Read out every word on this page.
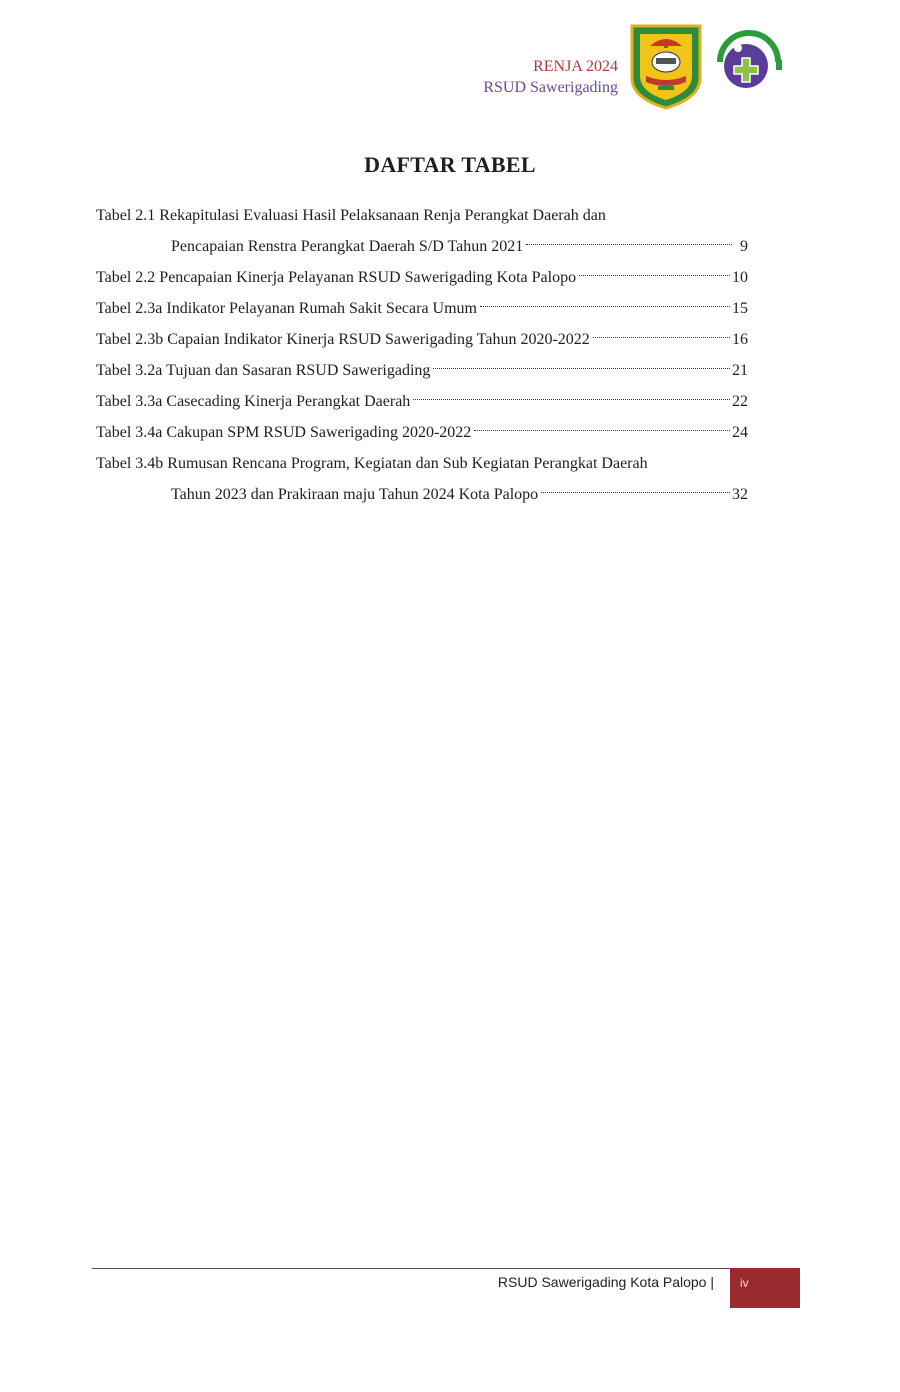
RENJA 2024
RSUD Sawerigading
DAFTAR TABEL
Tabel 2.1 Rekapitulasi Evaluasi Hasil Pelaksanaan Renja Perangkat Daerah dan
Pencapaian Renstra Perangkat Daerah S/D Tahun 2021	9
Tabel 2.2 Pencapaian Kinerja Pelayanan RSUD Sawerigading Kota Palopo	10
Tabel 2.3a Indikator Pelayanan Rumah Sakit Secara Umum	15
Tabel 2.3b Capaian Indikator Kinerja RSUD Sawerigading Tahun 2020-2022	16
Tabel 3.2a Tujuan dan Sasaran RSUD Sawerigading	21
Tabel 3.3a Casecading Kinerja Perangkat Daerah	22
Tabel 3.4a Cakupan SPM RSUD Sawerigading 2020-2022	24
Tabel 3.4b Rumusan Rencana Program, Kegiatan dan Sub Kegiatan Perangkat Daerah
Tahun 2023 dan Prakiraan maju Tahun 2024 Kota Palopo	32
RSUD Sawerigading Kota Palopo | iv
